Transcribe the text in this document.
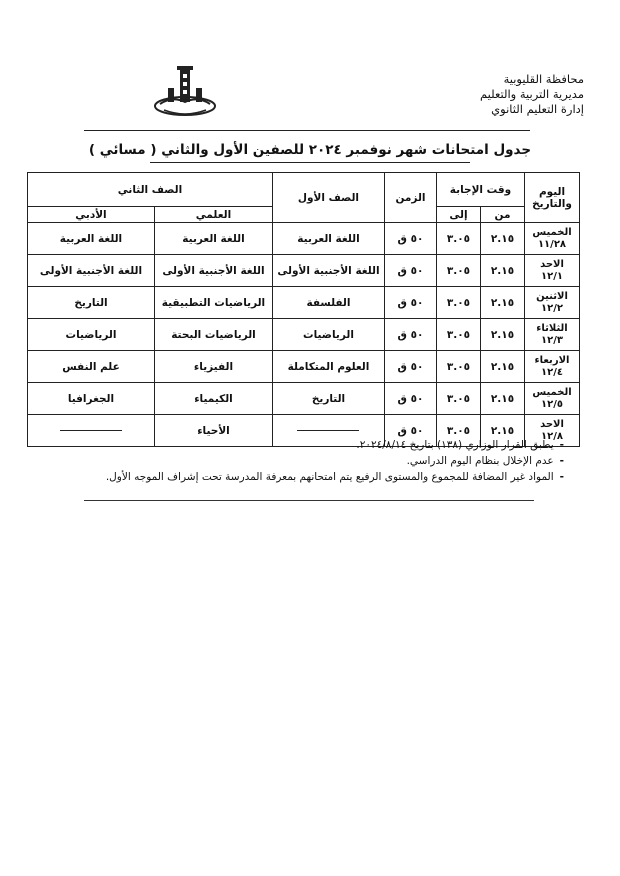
محافظة القليوبية
مديرية التربية والتعليم
إدارة التعليم الثانوي
جدول امتحانات شهر نوفمبر ٢٠٢٤ للصفين الأول والثاني ( مسائي )
اليوم والتاريخ	وقت الإجابة		الزمن	الصف الأول	الصف الثاني	
	من	إلى			العلمي	الأدبي
الخميس
١١/٢٨	٢.١٥	٣.٠٥	٥٠ ق	اللغة العربية	اللغة العربية	اللغة العربية
الاحد
١٢/١	٢.١٥	٣.٠٥	٥٠ ق	اللغة الأجنبية الأولى	اللغة الأجنبية الأولى	اللغة الأجنبية الأولى
الاثنين
١٢/٢	٢.١٥	٣.٠٥	٥٠ ق	الفلسفة	الرياضيات التطبيقية	التاريخ
الثلاثاء
١٢/٣	٢.١٥	٣.٠٥	٥٠ ق	الرياضيات	الرياضيات البحتة	الرياضيات
الاربعاء
١٢/٤	٢.١٥	٣.٠٥	٥٠ ق	العلوم المتكاملة	الفيزياء	علم النفس
الخميس
١٢/٥	٢.١٥	٣.٠٥	٥٠ ق	التاريخ	الكيمياء	الجغرافيا
الاحد
١٢/٨	٢.١٥	٣.٠٥	٥٠ ق		الأحياء	
-
يطبق القرار الوزاري (١٣٨) بتاريخ ٢٠٢٤/٨/١٤.
-
عدم الإخلال بنظام اليوم الدراسي.
-
المواد غير المضافة للمجموع والمستوى الرفيع يتم امتحانهم بمعرفة المدرسة تحت إشراف الموجه الأول.
